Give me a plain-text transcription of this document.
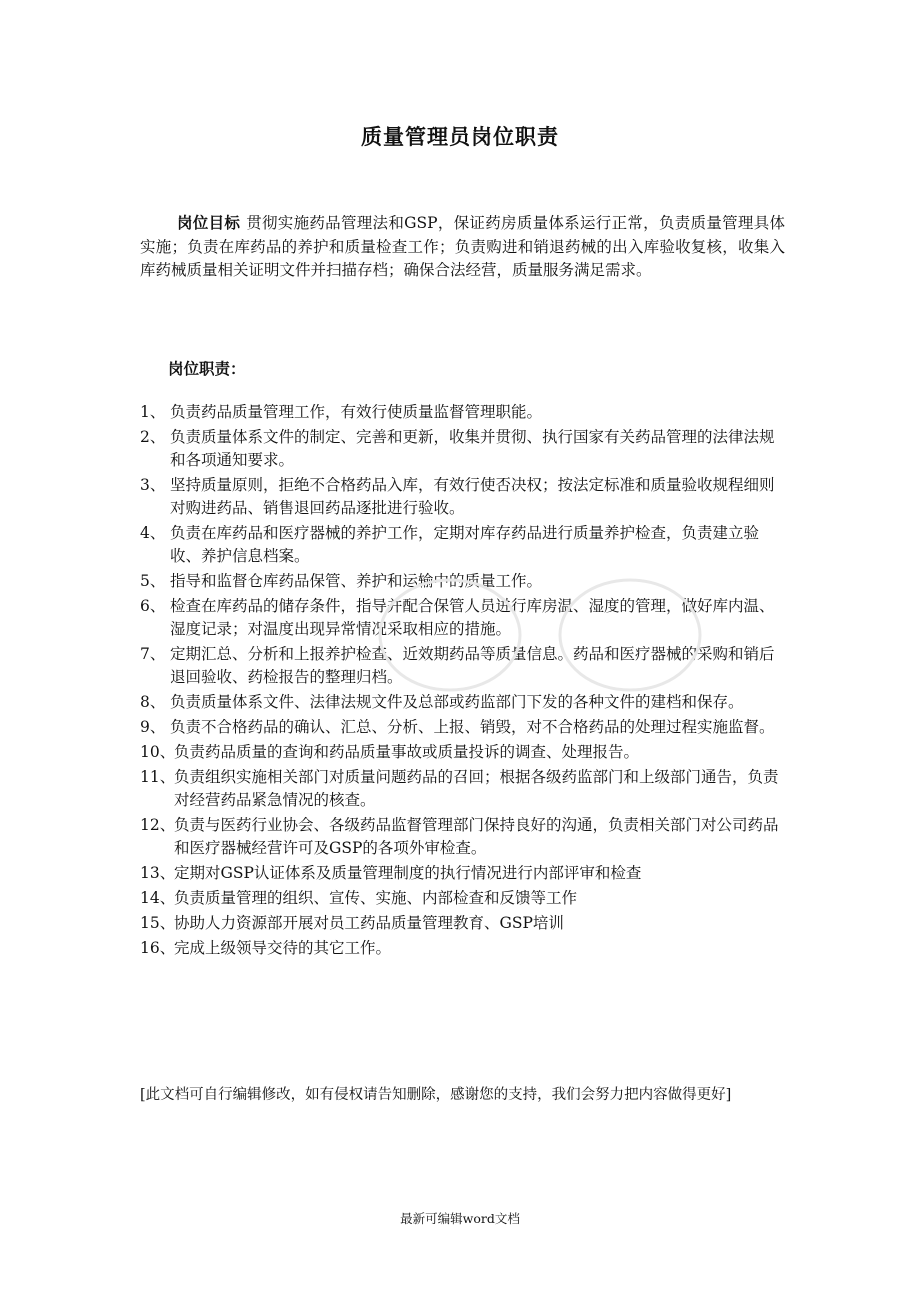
质量管理员岗位职责
岗位目标 贯彻实施药品管理法和GSP，保证药房质量体系运行正常，负责质量管理具体实施；负责在库药品的养护和质量检查工作；负责购进和销退药械的出入库验收复核，收集入库药械质量相关证明文件并扫描存档；确保合法经营，质量服务满足需求。
岗位职责：
1、 负责药品质量管理工作，有效行使质量监督管理职能。
2、 负责质量体系文件的制定、完善和更新，收集并贯彻、执行国家有关药品管理的法律法规和各项通知要求。
3、 坚持质量原则，拒绝不合格药品入库，有效行使否决权；按法定标准和质量验收规程细则对购进药品、销售退回药品逐批进行验收。
4、 负责在库药品和医疗器械的养护工作，定期对库存药品进行质量养护检查，负责建立验收、养护信息档案。
5、 指导和监督仓库药品保管、养护和运输中的质量工作。
6、 检查在库药品的储存条件，指导并配合保管人员进行库房温、湿度的管理，做好库内温、湿度记录；对温度出现异常情况采取相应的措施。
7、 定期汇总、分析和上报养护检查、近效期药品等质量信息。药品和医疗器械的采购和销后退回验收、药检报告的整理归档。
8、 负责质量体系文件、法律法规文件及总部或药监部门下发的各种文件的建档和保存。
9、 负责不合格药品的确认、汇总、分析、上报、销毁，对不合格药品的处理过程实施监督。
10、
负责药品质量的查询和药品质量事故或质量投诉的调查、处理报告。
11、
负责组织实施相关部门对质量问题药品的召回；根据各级药监部门和上级部门通告，负责对经营药品紧急情况的核查。
12、
负责与医药行业协会、各级药品监督管理部门保持良好的沟通，负责相关部门对公司药品和医疗器械经营许可及GSP的各项外审检查。
13、
定期对GSP认证体系及质量管理制度的执行情况进行内部评审和检查
14、
负责质量管理的组织、宣传、实施、内部检查和反馈等工作
15、
协助人力资源部开展对员工药品质量管理教育、GSP培训
16、
完成上级领导交待的其它工作。
[此文档可自行编辑修改，如有侵权请告知删除，感谢您的支持，我们会努力把内容做得更好]
最新可编辑word文档
